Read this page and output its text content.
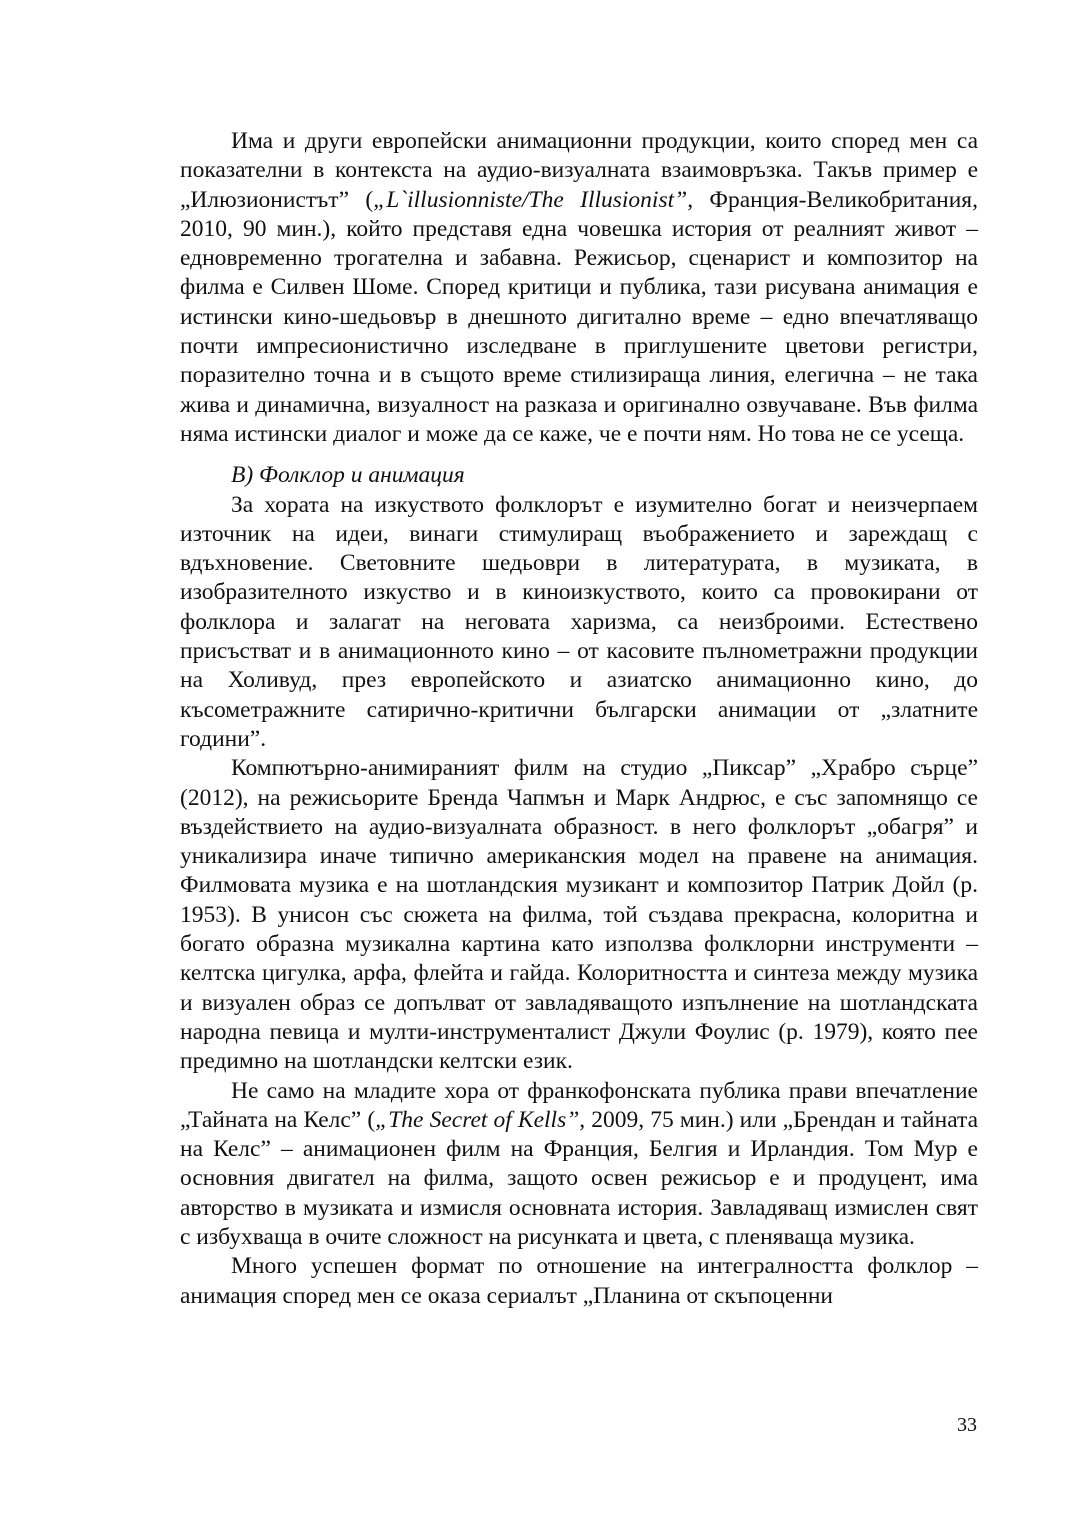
Има и други европейски анимационни продукции, които според мен са показателни в контекста на аудио-визуалната взаимовръзка. Такъв пример е „Илюзионистът” („L`illusionniste/The Illusionist”, Франция-Великобритания, 2010, 90 мин.), който представя една човешка история от реалният живот – едновременно трогателна и забавна. Режисьор, сценарист и композитор на филма е Силвен Шоме. Според критици и публика, тази рисувана анимация е истински кино-шедьовър в днешното дигитално време – едно впечатляващо почти импресионистично изследване в приглушените цветови регистри, поразително точна и в същото време стилизираща линия, елегична – не така жива и динамична, визуалност на разказа и оригинално озвучаване. Във филма няма истински диалог и може да се каже, че е почти ням. Но това не се усеща.

В) Фолклор и анимация

За хората на изкуството фолклорът е изумително богат и неизчерпаем източник на идеи, винаги стимулиращ въображението и зареждащ с вдъхновение. Световните шедьоври в литературата, в музиката, в изобразителното изкуство и в киноизкуството, които са провокирани от фолклора и залагат на неговата харизма, са неизброими. Естествено присъстват и в анимационното кино – от касовите пълнометражни продукции на Холивуд, през европейското и азиатско анимационно кино, до късометражните сатирично-критични български анимации от „златните години”.

Компютърно-анимираният филм на студио „Пиксар” „Храбро сърце” (2012), на режисьорите Бренда Чапмън и Марк Андрюс, е със запомнящо се въздействието на аудио-визуалната образност. в него фолклорът „обагря” и уникализира иначе типично американския модел на правене на анимация. Филмовата музика е на шотландския музикант и композитор Патрик Дойл (р. 1953). В унисон със сюжета на филма, той създава прекрасна, колоритна и богато образна музикална картина като използва фолклорни инструменти – келтска цигулка, арфа, флейта и гайда. Колоритността и синтеза между музика и визуален образ се допълват от завладяващото изпълнение на шотландската народна певица и мулти-инструменталист Джули Фоулис (р. 1979), която пее предимно на шотландски келтски език.

Не само на младите хора от франкофонската публика прави впечатление „Тайната на Келс” („The Secret of Kells”, 2009, 75 мин.) или „Брендан и тайната на Келс” – анимационен филм на Франция, Белгия и Ирландия. Том Мур е основния двигател на филма, защото освен режисьор е и продуцент, има авторство в музиката и измисля основната история. Завладяващ измислен свят с избухваща в очите сложност на рисунката и цвета, с пленяваща музика.

Много успешен формат по отношение на интегралността фолклор – анимация според мен се оказа сериалът „Планина от скъпоценни

33
